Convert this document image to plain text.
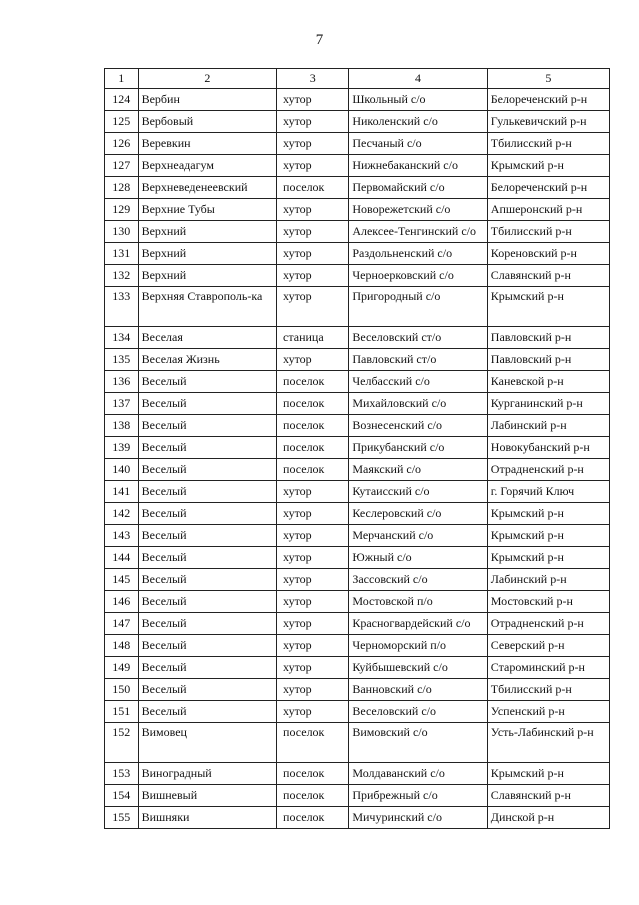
7
1	2	3	4	5
124	Вербин	хутор	Школьный с/о	Белореченский р-н
125	Вербовый	хутор	Николенский с/о	Гулькевичский р-н
126	Веревкин	хутор	Песчаный с/о	Тбилисский р-н
127	Верхнеадагум	хутор	Нижнебаканский с/о	Крымский р-н
128	Верхневеденеевский	поселок	Первомайский с/о	Белореченский р-н
129	Верхние Тубы	хутор	Новорежетский с/о	Апшеронский р-н
130	Верхний	хутор	Алексее-Тенгинский с/о	Тбилисский р-н
131	Верхний	хутор	Раздольненский с/о	Кореновский р-н
132	Верхний	хутор	Черноерковский с/о	Славянский р-н
133	Верхняя Ставрополь-ка	хутор	Пригородный с/о	Крымский р-н
134	Веселая	станица	Веселовский ст/о	Павловский р-н
135	Веселая Жизнь	хутор	Павловский ст/о	Павловский р-н
136	Веселый	поселок	Челбасский с/о	Каневской р-н
137	Веселый	поселок	Михайловский с/о	Курганинский р-н
138	Веселый	поселок	Вознесенский с/о	Лабинский р-н
139	Веселый	поселок	Прикубанский с/о	Новокубанский р-н
140	Веселый	поселок	Маякский с/о	Отрадненский р-н
141	Веселый	хутор	Кутаисский с/о	г. Горячий Ключ
142	Веселый	хутор	Кеслеровский с/о	Крымский р-н
143	Веселый	хутор	Мерчанский с/о	Крымский р-н
144	Веселый	хутор	Южный с/о	Крымский р-н
145	Веселый	хутор	Зассовский с/о	Лабинский р-н
146	Веселый	хутор	Мостовской п/о	Мостовский р-н
147	Веселый	хутор	Красногвардейский с/о	Отрадненский р-н
148	Веселый	хутор	Черноморский п/о	Северский р-н
149	Веселый	хутор	Куйбышевский с/о	Староминский р-н
150	Веселый	хутор	Ванновский с/о	Тбилисский р-н
151	Веселый	хутор	Веселовский с/о	Успенский р-н
152	Вимовец	поселок	Вимовский с/о	Усть-Лабинский р-н
153	Виноградный	поселок	Молдаванский с/о	Крымский р-н
154	Вишневый	поселок	Прибрежный с/о	Славянский р-н
155	Вишняки	поселок	Мичуринский с/о	Динской р-н
